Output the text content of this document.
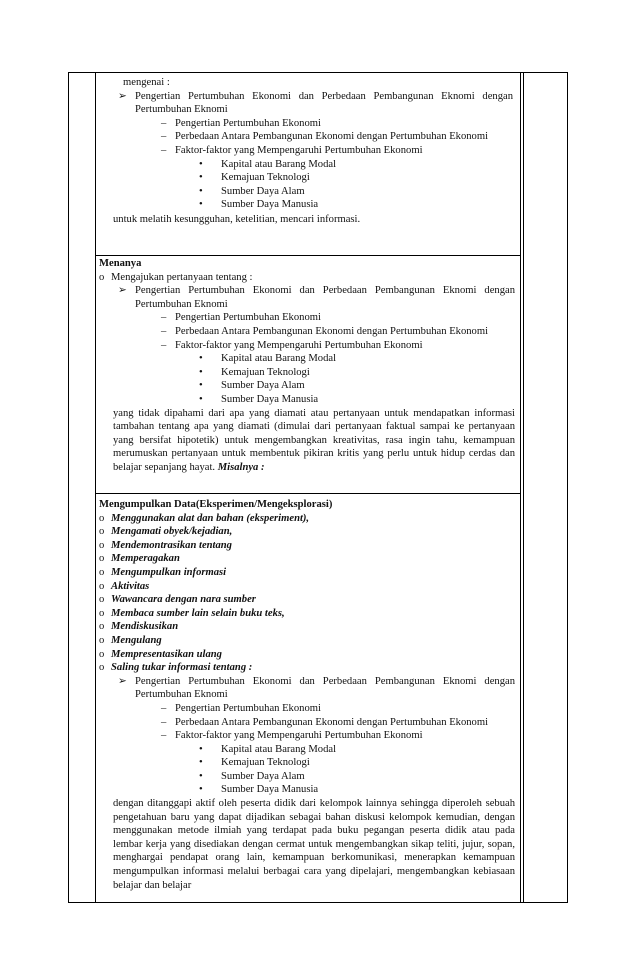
mengenai :

➢ Pengertian Pertumbuhan Ekonomi dan Perbedaan Pembangunan Eknomi dengan Pertumbuhan Eknomi
– Pengertian Pertumbuhan Ekonomi
– Perbedaan Antara Pembangunan Ekonomi dengan Pertumbuhan Ekonomi
– Faktor-faktor yang Mempengaruhi Pertumbuhan Ekonomi
•	Kapital atau Barang Modal
•	Kemajuan Teknologi
•	Sumber Daya Alam
•	Sumber Daya Manusia

untuk melatih kesungguhan, ketelitian, mencari informasi.

Menanya

o Mengajukan pertanyaan tentang :
➢ Pengertian Pertumbuhan Ekonomi dan Perbedaan Pembangunan Eknomi dengan Pertumbuhan Eknomi
– Pengertian Pertumbuhan Ekonomi
– Perbedaan Antara Pembangunan Ekonomi dengan Pertumbuhan Ekonomi
– Faktor-faktor yang Mempengaruhi Pertumbuhan Ekonomi
•	Kapital atau Barang Modal
•	Kemajuan Teknologi
•	Sumber Daya Alam
•	Sumber Daya Manusia

yang tidak dipahami dari apa yang diamati atau pertanyaan untuk mendapatkan informasi tambahan tentang apa yang diamati (dimulai dari pertanyaan faktual sampai ke pertanyaan yang bersifat hipotetik) untuk mengembangkan kreativitas, rasa ingin tahu, kemampuan merumuskan pertanyaan untuk membentuk pikiran kritis yang perlu untuk hidup cerdas dan belajar sepanjang hayat. Misalnya :

Mengumpulkan Data(Eksperimen/Mengeksplorasi)

o Menggunakan alat dan bahan (eksperiment),
o Mengamati obyek/kejadian,
o Mendemontrasikan tentang
o Memperagakan
o Mengumpulkan informasi
o Aktivitas
o Wawancara dengan nara sumber
o Membaca sumber lain selain buku teks,
o Mendiskusikan
o Mengulang
o Mempresentasikan ulang
o Saling tukar informasi tentang :
➢ Pengertian Pertumbuhan Ekonomi dan Perbedaan Pembangunan Eknomi dengan Pertumbuhan Eknomi
– Pengertian Pertumbuhan Ekonomi
– Perbedaan Antara Pembangunan Ekonomi dengan Pertumbuhan Ekonomi
– Faktor-faktor yang Mempengaruhi Pertumbuhan Ekonomi
•	Kapital atau Barang Modal
•	Kemajuan Teknologi
•	Sumber Daya Alam
•	Sumber Daya Manusia

dengan ditanggapi aktif oleh peserta didik dari kelompok lainnya sehingga diperoleh sebuah pengetahuan baru yang dapat dijadikan sebagai bahan diskusi kelompok kemudian, dengan menggunakan metode ilmiah yang terdapat pada buku pegangan peserta didik atau pada lembar kerja yang disediakan dengan cermat untuk mengembangkan sikap teliti, jujur, sopan, menghargai pendapat orang lain, kemampuan berkomunikasi, menerapkan kemampuan mengumpulkan informasi melalui berbagai cara yang dipelajari, mengembangkan kebiasaan belajar dan belajar
